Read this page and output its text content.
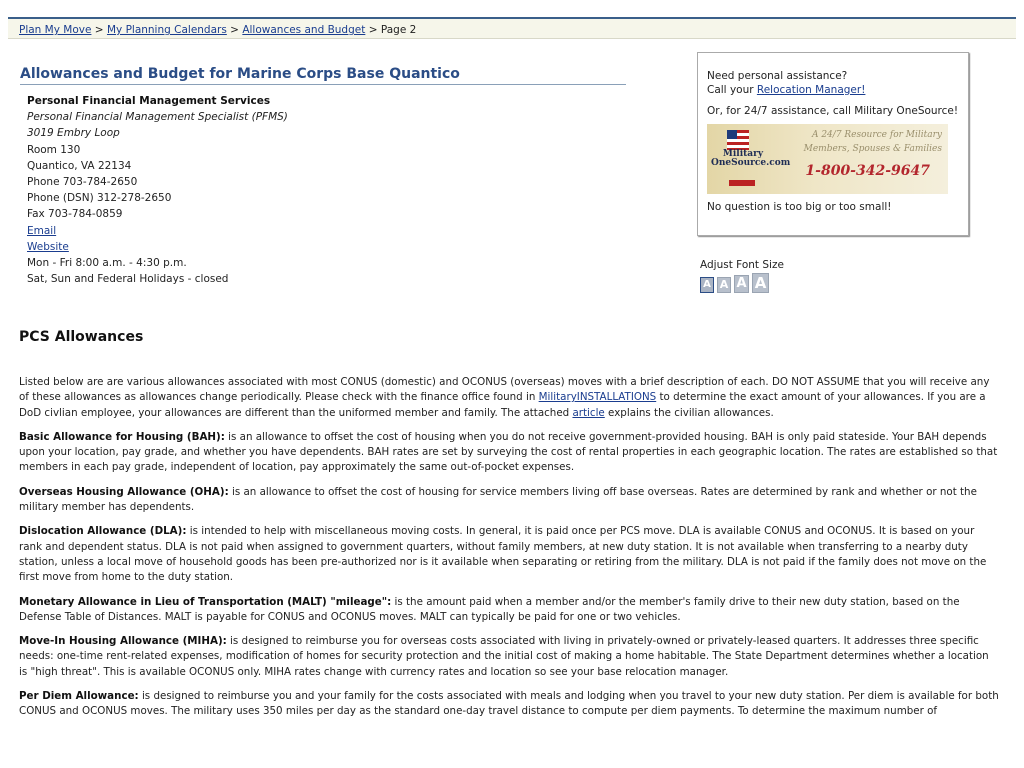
Plan My Move > My Planning Calendars > Allowances and Budget > Page 2
Allowances and Budget for Marine Corps Base Quantico
Personal Financial Management Services
Personal Financial Management Specialist (PFMS)
3019 Embry Loop
Room 130
Quantico, VA 22134
Phone 703-784-2650
Phone (DSN) 312-278-2650
Fax 703-784-0859
Email
Website
Mon - Fri 8:00 a.m. - 4:30 p.m.
Sat, Sun and Federal Holidays - closed

Need personal assistance?

Call your Relocation Manager!

Or, for 24/7 assistance, call Military OneSource!

Military
OneSource.com
A 24/7 Resource for Military
Members, Spouses & Families
1-800-342-9647

No question is too big or too small!

Adjust Font Size
A A A A
PCS Allowances

Listed below are are various allowances associated with most CONUS (domestic) and OCONUS (overseas) moves with a brief description of each. DO NOT ASSUME that you will receive any of these allowances as allowances change periodically. Please check with the finance office found in MilitaryINSTALLATIONS to determine the exact amount of your allowances. If you are a DoD civlian employee, your allowances are different than the uniformed member and family. The attached article explains the civilian allowances.

Basic Allowance for Housing (BAH): is an allowance to offset the cost of housing when you do not receive government-provided housing. BAH is only paid stateside. Your BAH depends upon your location, pay grade, and whether you have dependents. BAH rates are set by surveying the cost of rental properties in each geographic location. The rates are established so that members in each pay grade, independent of location, pay approximately the same out-of-pocket expenses.

Overseas Housing Allowance (OHA): is an allowance to offset the cost of housing for service members living off base overseas. Rates are determined by rank and whether or not the military member has dependents.

Dislocation Allowance (DLA): is intended to help with miscellaneous moving costs. In general, it is paid once per PCS move. DLA is available CONUS and OCONUS. It is based on your rank and dependent status. DLA is not paid when assigned to government quarters, without family members, at new duty station. It is not available when transferring to a nearby duty station, unless a local move of household goods has been pre-authorized nor is it available when separating or retiring from the military. DLA is not paid if the family does not move on the first move from home to the duty station.

Monetary Allowance in Lieu of Transportation (MALT) "mileage": is the amount paid when a member and/or the member's family drive to their new duty station, based on the Defense Table of Distances. MALT is payable for CONUS and OCONUS moves. MALT can typically be paid for one or two vehicles.

Move-In Housing Allowance (MIHA): is designed to reimburse you for overseas costs associated with living in privately-owned or privately-leased quarters. It addresses three specific needs: one-time rent-related expenses, modification of homes for security protection and the initial cost of making a home habitable. The State Department determines whether a location is "high threat". This is available OCONUS only. MIHA rates change with currency rates and location so see your base relocation manager.

Per Diem Allowance: is designed to reimburse you and your family for the costs associated with meals and lodging when you travel to your new duty station. Per diem is available for both CONUS and OCONUS moves. The military uses 350 miles per day as the standard one-day travel distance to compute per diem payments. To determine the maximum number of
